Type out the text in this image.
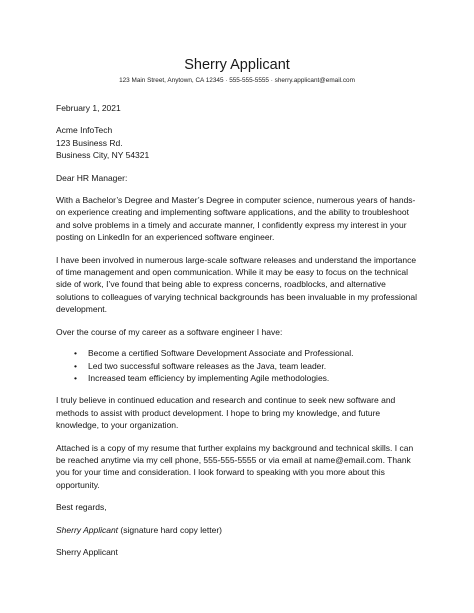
Sherry Applicant
123 Main Street, Anytown, CA 12345 · 555-555-5555 · sherry.applicant@email.com

February 1, 2021

Acme InfoTech

123 Business Rd.

Business City, NY 54321

Dear HR Manager:

With a Bachelor’s Degree and Master’s Degree in computer science, numerous years of hands-

on experience creating and implementing software applications, and the ability to troubleshoot

and solve problems in a timely and accurate manner, I confidently express my interest in your

posting on LinkedIn for an experienced software engineer.

I have been involved in numerous large-scale software releases and understand the importance

of time management and open communication. While it may be easy to focus on the technical

side of work, I’ve found that being able to express concerns, roadblocks, and alternative

solutions to colleagues of varying technical backgrounds has been invaluable in my professional

development.

Over the course of my career as a software engineer I have:

• Become a certified Software Development Associate and Professional.
• Led two successful software releases as the Java, team leader.
• Increased team efficiency by implementing Agile methodologies.

I truly believe in continued education and research and continue to seek new software and

methods to assist with product development. I hope to bring my knowledge, and future

knowledge, to your organization.

Attached is a copy of my resume that further explains my background and technical skills. I can

be reached anytime via my cell phone, 555-555-5555 or via email at name@email.com. Thank

you for your time and consideration. I look forward to speaking with you more about this

opportunity.

Best regards,

Sherry Applicant (signature hard copy letter)

Sherry Applicant
